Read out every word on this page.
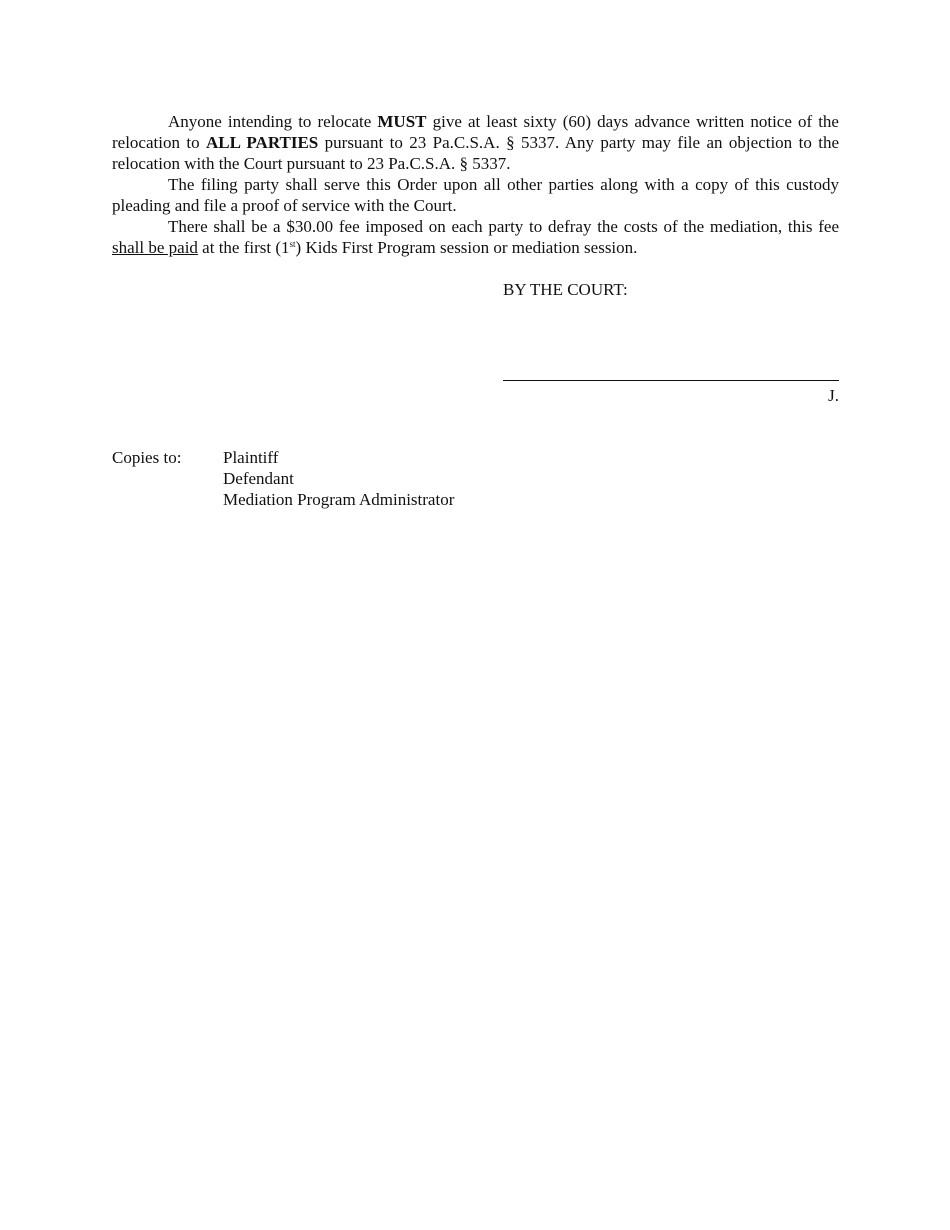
Anyone intending to relocate MUST give at least sixty (60) days advance written notice of the relocation to ALL PARTIES pursuant to 23 Pa.C.S.A. § 5337. Any party may file an objection to the relocation with the Court pursuant to 23 Pa.C.S.A. § 5337.

The filing party shall serve this Order upon all other parties along with a copy of this custody pleading and file a proof of service with the Court.

There shall be a $30.00 fee imposed on each party to defray the costs of the mediation, this fee shall be paid at the first (1st) Kids First Program session or mediation session.

BY THE COURT:

J.
Copies to: Plaintiff
Defendant
Mediation Program Administrator
